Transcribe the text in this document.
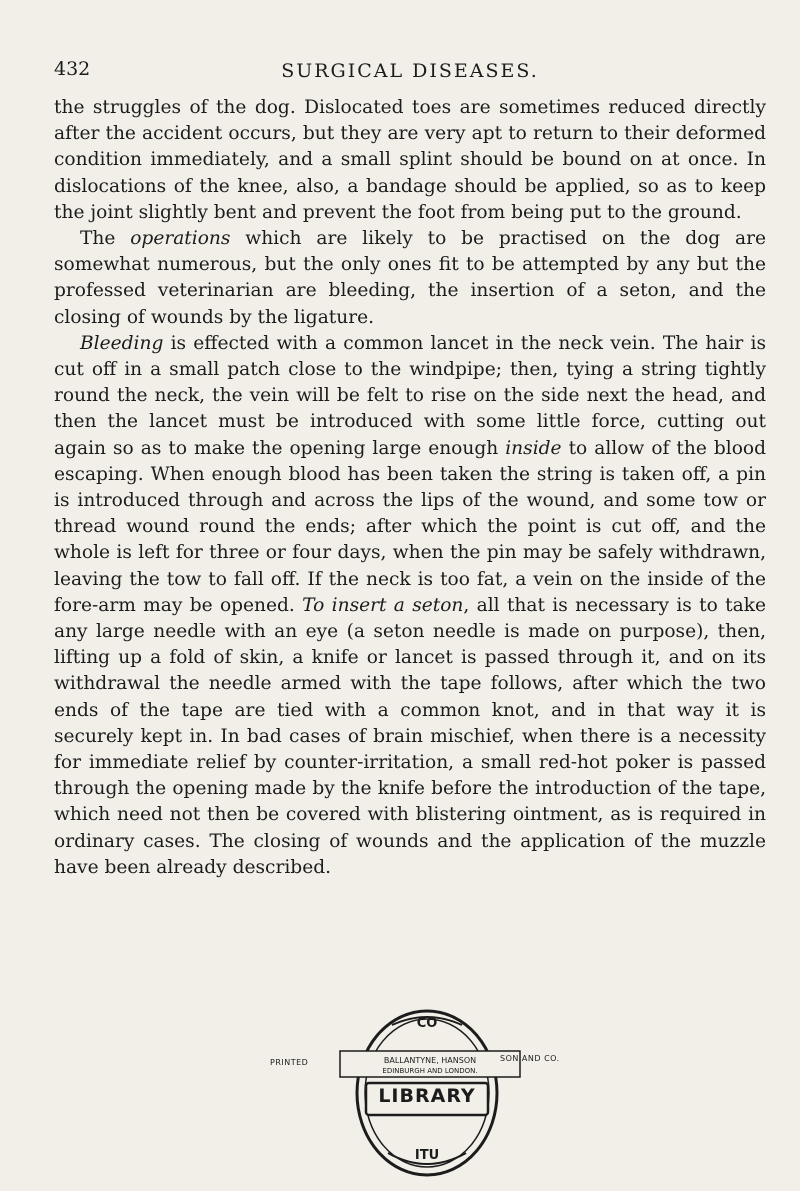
432	SURGICAL DISEASES.

the struggles of the dog. Dislocated toes are sometimes reduced directly after the accident occurs, but they are very apt to return to their deformed condition immediately, and a small splint should be bound on at once. In dislocations of the knee, also, a bandage should be applied, so as to keep the joint slightly bent and prevent the foot from being put to the ground.

The operations which are likely to be practised on the dog are somewhat numerous, but the only ones fit to be attempted by any but the professed veterinarian are bleeding, the insertion of a seton, and the closing of wounds by the ligature.

Bleeding is effected with a common lancet in the neck vein. The hair is cut off in a small patch close to the windpipe; then, tying a string tightly round the neck, the vein will be felt to rise on the side next the head, and then the lancet must be introduced with some little force, cutting out again so as to make the opening large enough inside to allow of the blood escaping. When enough blood has been taken the string is taken off, a pin is introduced through and across the lips of the wound, and some tow or thread wound round the ends; after which the point is cut off, and the whole is left for three or four days, when the pin may be safely withdrawn, leaving the tow to fall off. If the neck is too fat, a vein on the inside of the fore-arm may be opened. To insert a seton, all that is necessary is to take any large needle with an eye (a seton needle is made on purpose), then, lifting up a fold of skin, a knife or lancet is passed through it, and on its withdrawal the needle armed with the tape follows, after which the two ends of the tape are tied with a common knot, and in that way it is securely kept in. In bad cases of brain mischief, when there is a necessity for immediate relief by counter-irritation, a small red-hot poker is passed through the opening made by the knife before the introduction of the tape, which need not then be covered with blistering ointment, as is required in ordinary cases. The closing of wounds and the application of the muzzle have been already described.

CO
ITU
BALLANTYNE, HANSON
EDINBURGH AND LONDON.
PRINTED	SON AND CO.
LIBRARY
